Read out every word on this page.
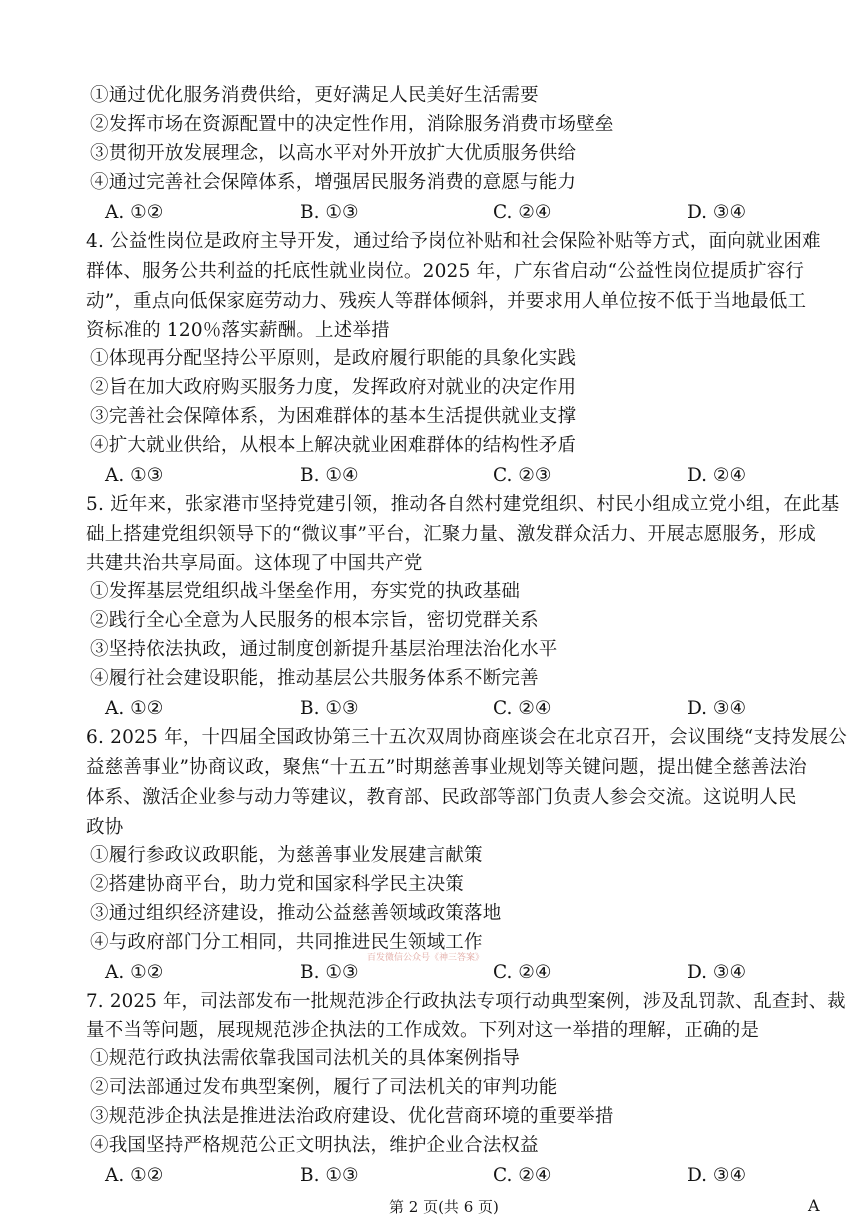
①通过优化服务消费供给，更好满足人民美好生活需要
②发挥市场在资源配置中的决定性作用，消除服务消费市场壁垒
③贯彻开放发展理念，以高水平对外开放扩大优质服务供给
④通过完善社会保障体系，增强居民服务消费的意愿与能力
A. ①②	B. ①③	C. ②④	D. ③④
4. 公益性岗位是政府主导开发，通过给予岗位补贴和社会保险补贴等方式，面向就业困难
群体、服务公共利益的托底性就业岗位。2025 年，广东省启动“公益性岗位提质扩容行
动”，重点向低保家庭劳动力、残疾人等群体倾斜，并要求用人单位按不低于当地最低工
资标准的 120％落实薪酬。上述举措
①体现再分配坚持公平原则，是政府履行职能的具象化实践
②旨在加大政府购买服务力度，发挥政府对就业的决定作用
③完善社会保障体系，为困难群体的基本生活提供就业支撑
④扩大就业供给，从根本上解决就业困难群体的结构性矛盾
A. ①③	B. ①④	C. ②③	D. ②④
5. 近年来，张家港市坚持党建引领，推动各自然村建党组织、村民小组成立党小组，在此基
础上搭建党组织领导下的“微议事”平台，汇聚力量、激发群众活力、开展志愿服务，形成
共建共治共享局面。这体现了中国共产党
①发挥基层党组织战斗堡垒作用，夯实党的执政基础
②践行全心全意为人民服务的根本宗旨，密切党群关系
③坚持依法执政，通过制度创新提升基层治理法治化水平
④履行社会建设职能，推动基层公共服务体系不断完善
A. ①②	B. ①③	C. ②④	D. ③④
6. 2025 年，十四届全国政协第三十五次双周协商座谈会在北京召开，会议围绕“支持发展公
益慈善事业”协商议政，聚焦“十五五”时期慈善事业规划等关键问题，提出健全慈善法治
体系、激活企业参与动力等建议，教育部、民政部等部门负责人参会交流。这说明人民
政协
①履行参政议政职能，为慈善事业发展建言献策
②搭建协商平台，助力党和国家科学民主决策
③通过组织经济建设，推动公益慈善领域政策落地
④与政府部门分工相同，共同推进民生领域工作
百发微信公众号《神三答案》
A. ①②	B. ①③	C. ②④	D. ③④
7. 2025 年，司法部发布一批规范涉企行政执法专项行动典型案例，涉及乱罚款、乱查封、裁
量不当等问题，展现规范涉企执法的工作成效。下列对这一举措的理解，正确的是
①规范行政执法需依靠我国司法机关的具体案例指导
②司法部通过发布典型案例，履行了司法机关的审判功能
③规范涉企执法是推进法治政府建设、优化营商环境的重要举措
④我国坚持严格规范公正文明执法，维护企业合法权益
A. ①②	B. ①③	C. ②④	D. ③④
第 2 页(共 6 页)	A
